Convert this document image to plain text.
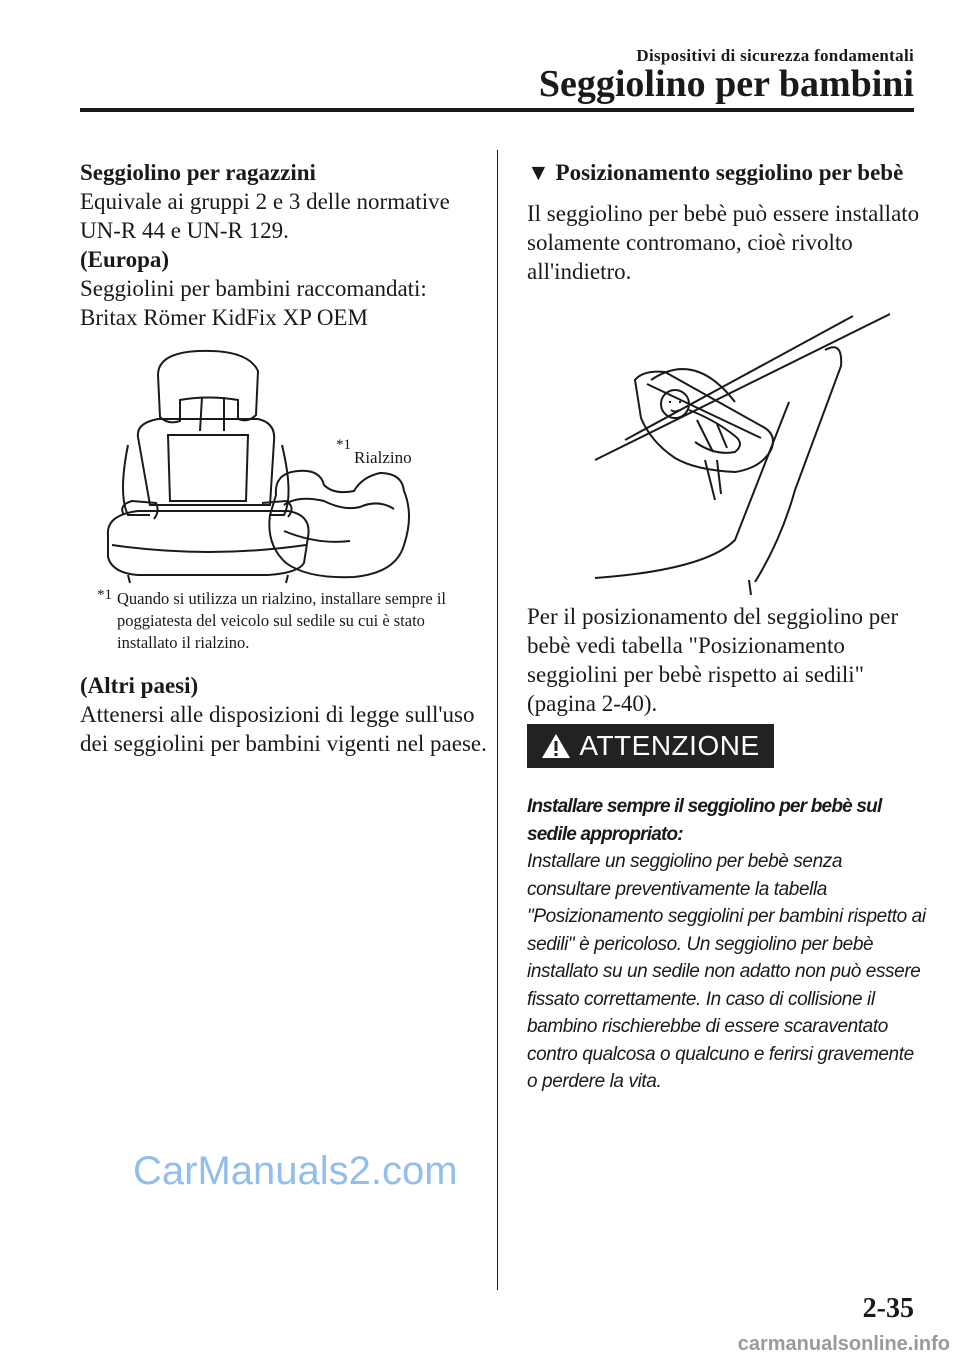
Dispositivi di sicurezza fondamentali
Seggiolino per bambini

Seggiolino per ragazzini

Equivale ai gruppi 2 e 3 delle normative

UN-R 44 e UN-R 129.

(Europa)

Seggiolini per bambini raccomandati:

Britax Römer KidFix XP OEM

*1
Rialzino
*1 Quando si utilizza un rialzino, installare sempre il poggiatesta del veicolo sul sedile su cui è stato installato il rialzino.

(Altri paesi)

Attenersi alle disposizioni di legge sull'uso dei seggiolini per bambini vigenti nel paese.

▼ Posizionamento seggiolino per bebè

Il seggiolino per bebè può essere installato solamente contromano, cioè rivolto all'indietro.

Per il posizionamento del seggiolino per bebè vedi tabella "Posizionamento seggiolini per bebè rispetto ai sedili" (pagina 2-40).
ATTENZIONE

Installare sempre il seggiolino per bebè sul sedile appropriato:

Installare un seggiolino per bebè senza consultare preventivamente la tabella "Posizionamento seggiolini per bambini rispetto ai sedili" è pericoloso. Un seggiolino per bebè installato su un sedile non adatto non può essere fissato correttamente. In caso di collisione il bambino rischierebbe di essere scaraventato contro qualcosa o qualcuno e ferirsi gravemente o perdere la vita.

CarManuals2.com
2-35
carmanualsonline.info
